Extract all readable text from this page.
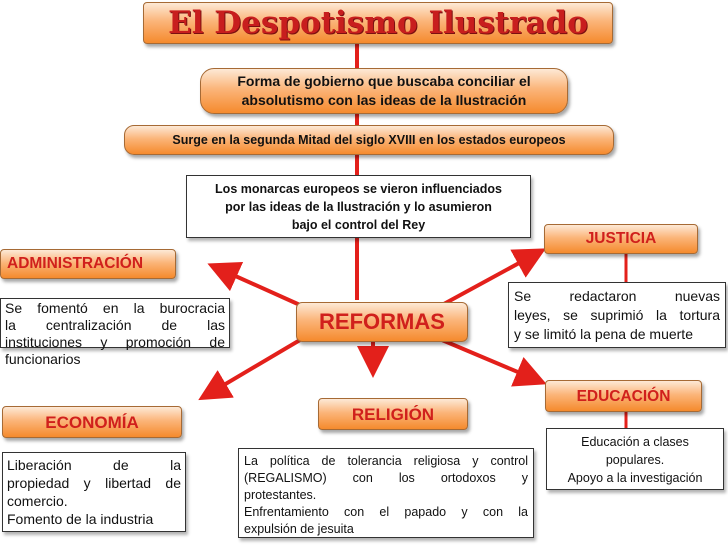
El Despotismo Ilustrado
Forma de gobierno que buscaba conciliar el
absolutismo con las ideas de la Ilustración
Surge en la segunda Mitad del siglo XVIII en los estados europeos
Los monarcas europeos se vieron influenciados
por las ideas de la Ilustración y lo asumieron
bajo el control del Rey
REFORMAS
ADMINISTRACIÓN
Se fomentó en la burocracia
la centralización de las
instituciones y promoción de
funcionarios
JUSTICIA
Se redactaron nuevas
leyes, se suprimió la tortura
y se limitó la pena de muerte
ECONOMÍA
Liberación de la
propiedad y libertad de
comercio.
Fomento de la industria
RELIGIÓN
La política de tolerancia religiosa y control
(REGALISMO) con los ortodoxos y
protestantes.
Enfrentamiento con el papado y con la
expulsión de jesuita
EDUCACIÓN
Educación a clases
populares.
Apoyo a la investigación
